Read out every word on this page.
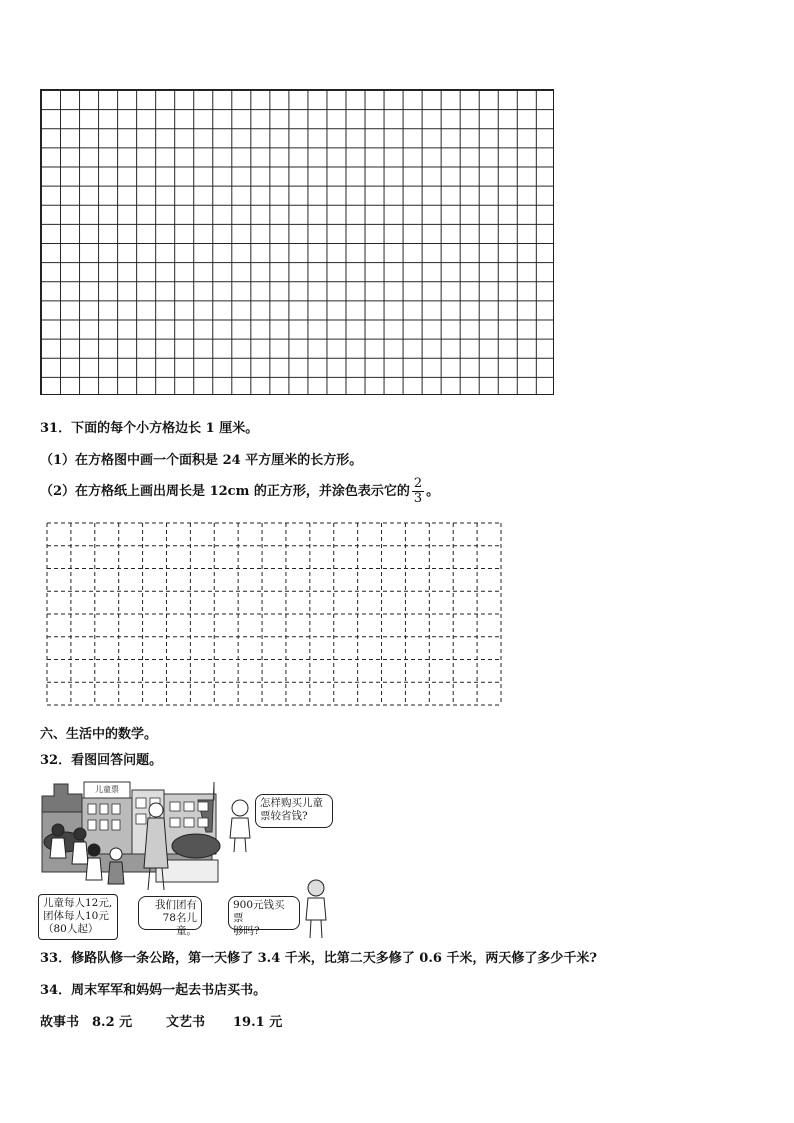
31．下面的每个小方格边长 1 厘米。
（1）在方格图中画一个面积是 24 平方厘米的长方形。
（2）在方格纸上画出周长是 12cm 的正方形，并涂色表示它的 $\frac{2}{3}$ 。
六、生活中的数学。
32．看图回答问题。
儿童票
怎样购买儿童票较省钱?
儿童每人12元,
团体每人10元
（80人起）
我们团有
78名儿童。
900元钱买票
够吗?
33．修路队修一条公路，第一天修了 3.4 千米，比第二天多修了 0.6 千米，两天修了多少千米?
34．周末军军和妈妈一起去书店买书。
故事书 8.2 元	文艺书 19.1 元
